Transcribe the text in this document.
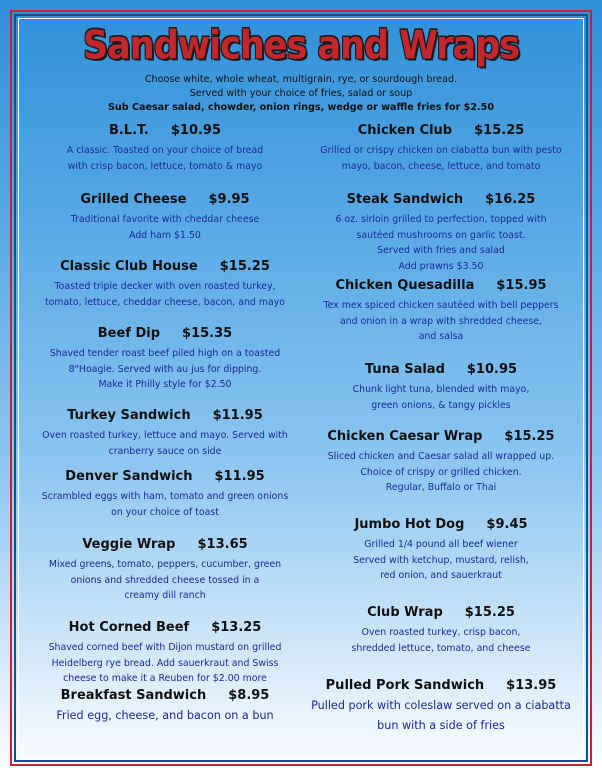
Sandwiches and Wraps
Choose white, whole wheat, multigrain, rye, or sourdough bread.
Served with your choice of fries, salad or soup
Sub Caesar salad, chowder, onion rings, wedge or waffle fries for $2.50
B.L.T. $10.95
A classic. Toasted on your choice of bread
with crisp bacon, lettuce, tomato & mayo
Grilled Cheese $9.95
Traditional favorite with cheddar cheese
Add ham $1.50
Classic Club House $15.25
Toasted triple decker with oven roasted turkey,
tomato, lettuce, cheddar cheese, bacon, and mayo
Beef Dip $15.35
Shaved tender roast beef piled high on a toasted
8"Hoagie. Served with au jus for dipping.
Make it Philly style for $2.50
Turkey Sandwich $11.95
Oven roasted turkey, lettuce and mayo. Served with
cranberry sauce on side
Denver Sandwich $11.95
Scrambled eggs with ham, tomato and green onions
on your choice of toast
Veggie Wrap $13.65
Mixed greens, tomato, peppers, cucumber, green
onions and shredded cheese tossed in a
creamy dill ranch
Hot Corned Beef $13.25
Shaved corned beef with Dijon mustard on grilled
Heidelberg rye bread. Add sauerkraut and Swiss
cheese to make it a Reuben for $2.00 more
Breakfast Sandwich $8.95
Fried egg, cheese, and bacon on a bun
Chicken Club $15.25
Grilled or crispy chicken on ciabatta bun with pesto
mayo, bacon, cheese, lettuce, and tomato
Steak Sandwich $16.25
6 oz. sirloin grilled to perfection, topped with
sautéed mushrooms on garlic toast.
Served with fries and salad
Add prawns $3.50
Chicken Quesadilla $15.95
Tex mex spiced chicken sautéed with bell peppers
and onion in a wrap with shredded cheese,
and salsa
Tuna Salad $10.95
Chunk light tuna, blended with mayo,
green onions, & tangy pickles
Chicken Caesar Wrap $15.25
Sliced chicken and Caesar salad all wrapped up.
Choice of crispy or grilled chicken.
Regular, Buffalo or Thai
Jumbo Hot Dog $9.45
Grilled 1/4 pound all beef wiener
Served with ketchup, mustard, relish,
red onion, and sauerkraut
Club Wrap $15.25
Oven roasted turkey, crisp bacon,
shredded lettuce, tomato, and cheese
Pulled Pork Sandwich $13.95
Pulled pork with coleslaw served on a ciabatta
bun with a side of fries
